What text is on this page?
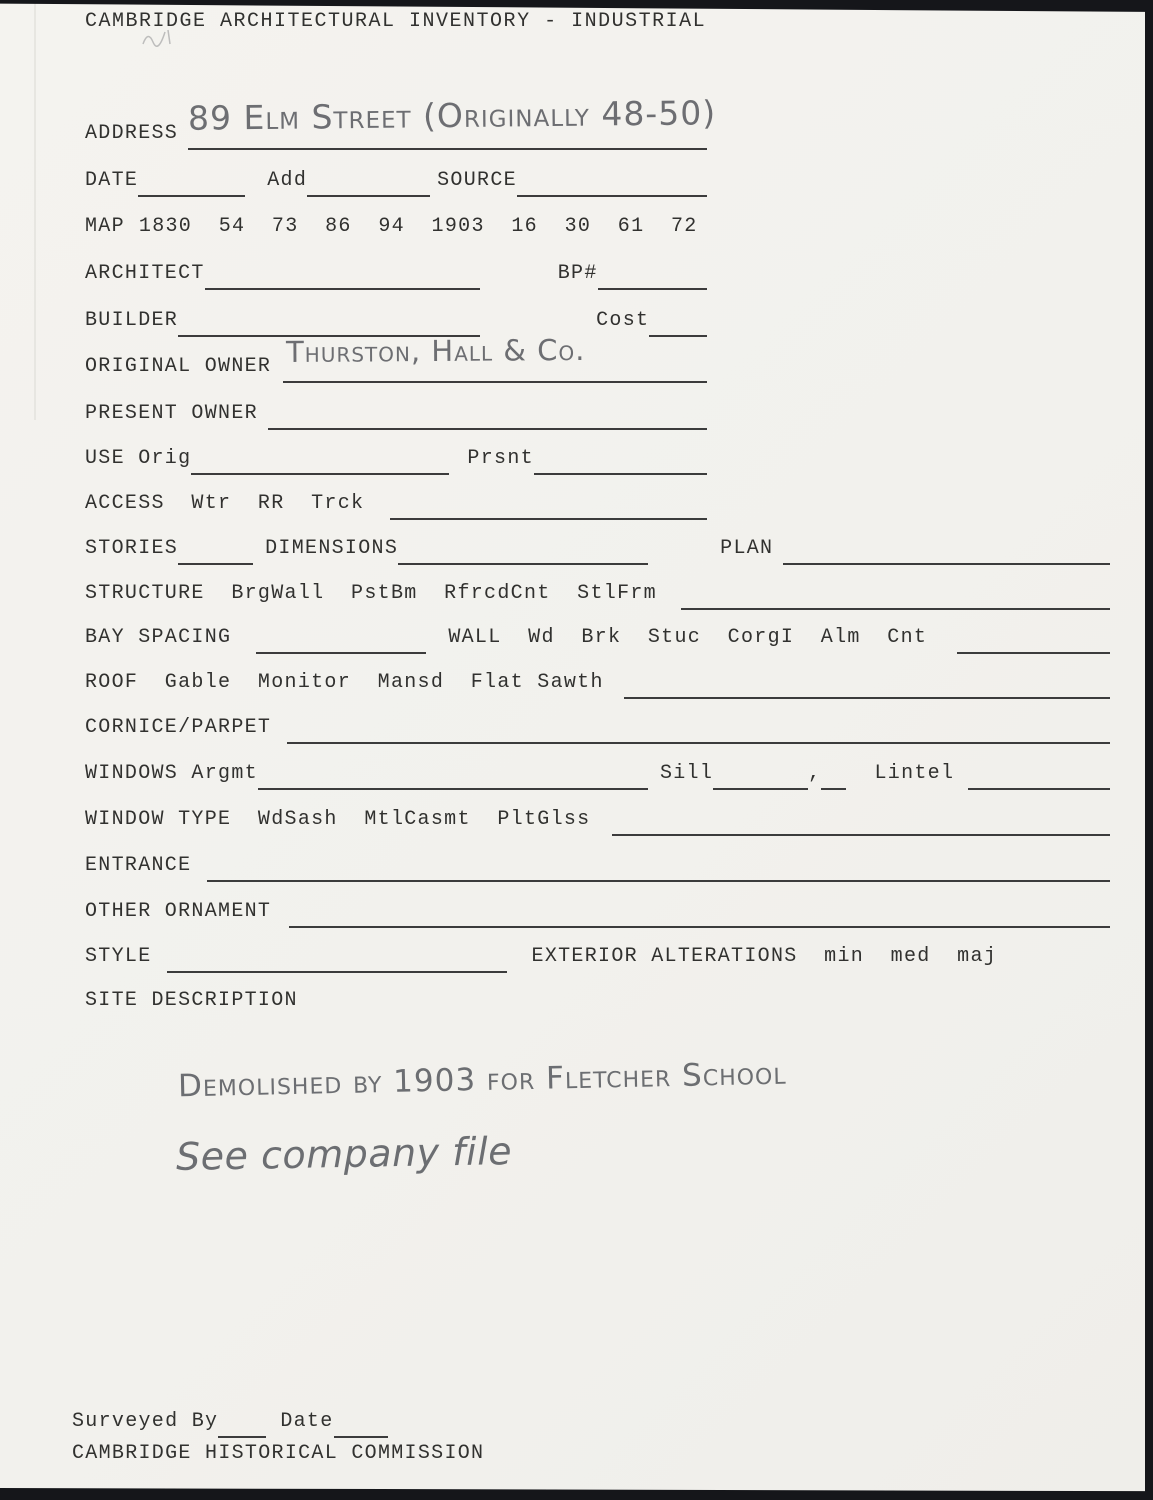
CAMBRIDGE ARCHITECTURAL INVENTORY - INDUSTRIAL
ADDRESS 89 Elm Street (Originally 48-50)
DATE	Add	SOURCE
MAP 1830  54  73  86  94  1903  16  30  61  72
ARCHITECT	BP#
BUILDER	Cost
ORIGINAL OWNER Thurston, Hall & Co.
PRESENT OWNER
USE Orig	Prsnt
ACCESS  Wtr  RR  Trck
STORIES	DIMENSIONS	PLAN
STRUCTURE  BrgWall  PstBm  RfrcdCnt  StlFrm
BAY SPACING	WALL  Wd  Brk  Stuc  CorgI  Alm  Cnt
ROOF  Gable  Monitor  Mansd  Flat Sawth
CORNICE/PARPET
WINDOWS Argmt	Sill	,	Lintel
WINDOW TYPE  WdSash  MtlCasmt  PltGlss
ENTRANCE
OTHER ORNAMENT
STYLE	EXTERIOR ALTERATIONS  min  med  maj
SITE DESCRIPTION
Demolished by 1903 for Fletcher School
See company file
Surveyed By	Date
CAMBRIDGE HISTORICAL COMMISSION
